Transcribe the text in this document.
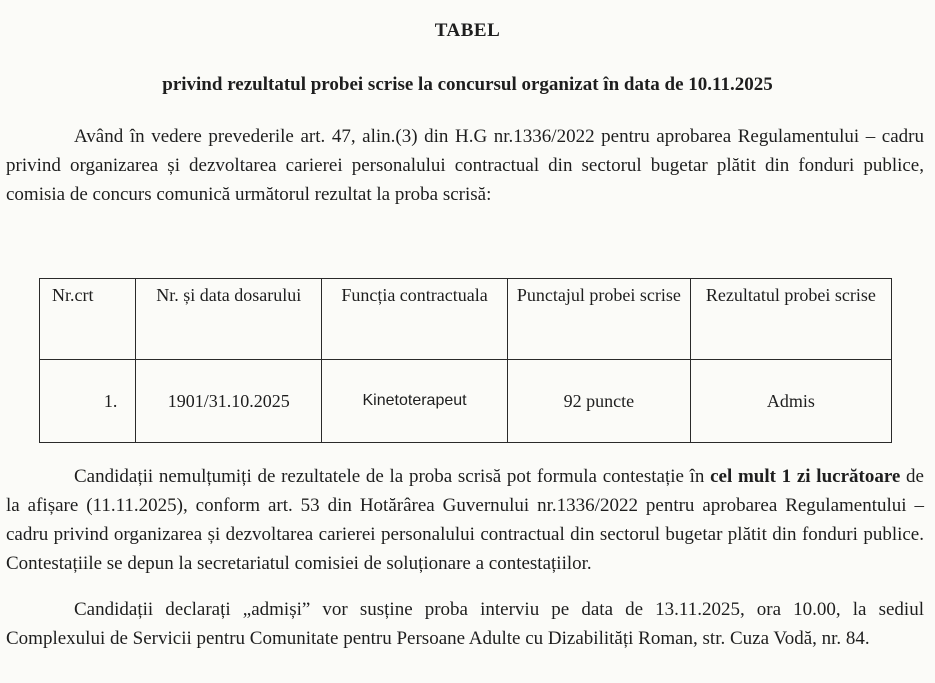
TABEL
privind rezultatul probei scrise la concursul organizat în data de 10.11.2025
Având în vedere prevederile art. 47, alin.(3) din H.G nr.1336/2022 pentru aprobarea Regulamentului – cadru privind organizarea și dezvoltarea carierei personalului contractual din sectorul bugetar plătit din fonduri publice, comisia de concurs comunică următorul rezultat la proba scrisă:
Nr.crt	Nr. și data dosarului	Funcția contractuala	Punctajul probei scrise	Rezultatul probei scrise
1.	1901/31.10.2025	Kinetoterapeut	92 puncte	Admis
Candidații nemulțumiți de rezultatele de la proba scrisă pot formula contestație în cel mult 1 zi lucrătoare de la afișare (11.11.2025), conform art. 53 din Hotărârea Guvernului nr.1336/2022 pentru aprobarea Regulamentului – cadru privind organizarea și dezvoltarea carierei personalului contractual din sectorul bugetar plătit din fonduri publice. Contestațiile se depun la secretariatul comisiei de soluționare a contestațiilor.
Candidații declarați „admiși” vor susține proba interviu pe data de 13.11.2025, ora 10.00, la sediul Complexului de Servicii pentru Comunitate pentru Persoane Adulte cu Dizabilități Roman, str. Cuza Vodă, nr. 84.
